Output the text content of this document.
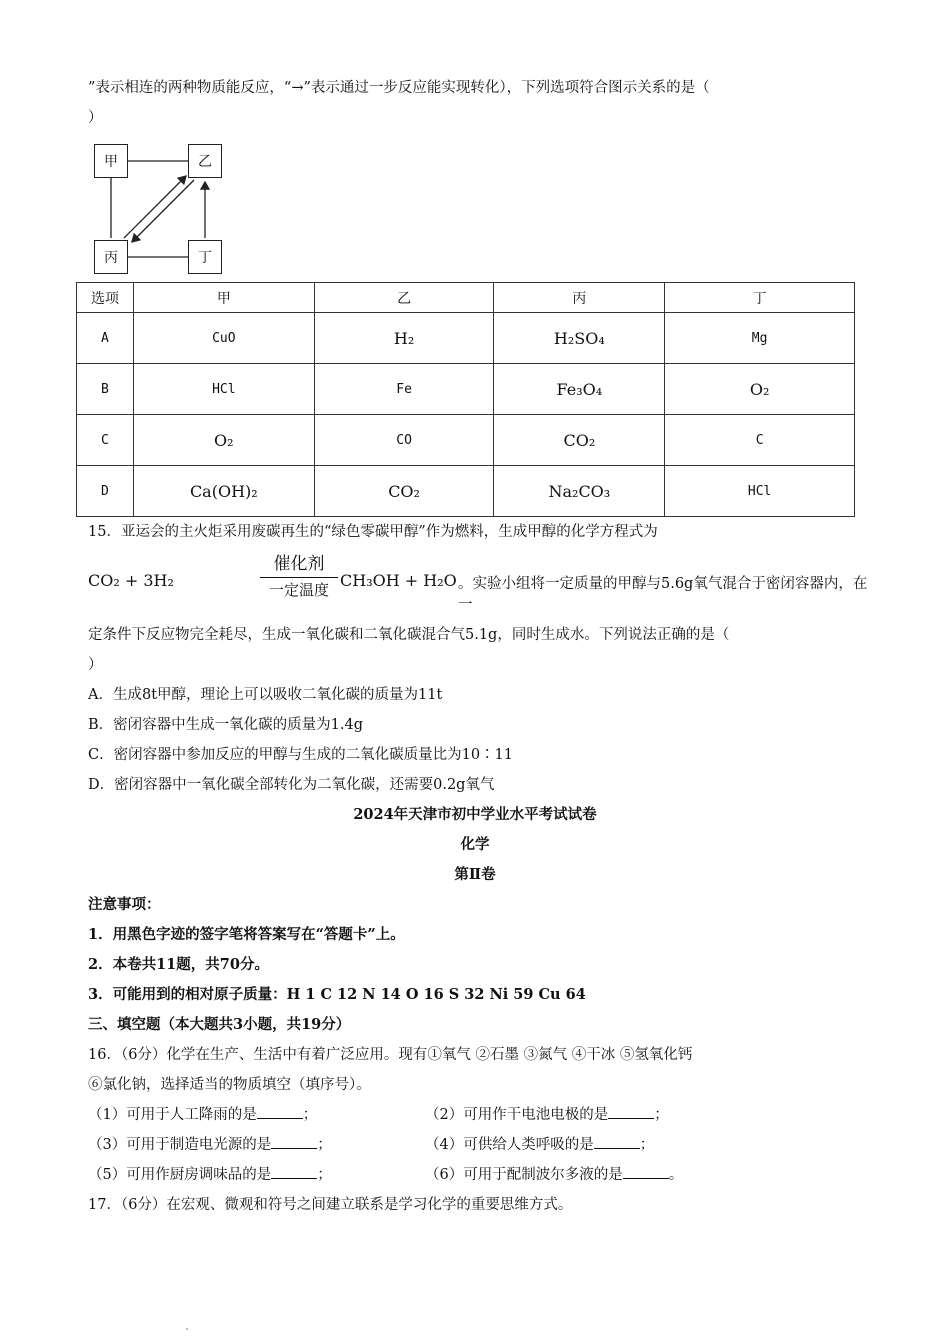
”表示相连的两种物质能反应，“→”表示通过一步反应能实现转化），下列选项符合图示关系的是（
）
甲	乙
丙	丁
选项	甲	乙	丙	丁
A	CuO	H₂	H₂SO₄	Mg
B	HCl	Fe	Fe₃O₄	O₂
C	O₂	CO	CO₂	C
D	Ca(OH)₂	CO₂	Na₂CO₃	HCl
15．亚运会的主火炬采用废碳再生的“绿色零碳甲醇”作为燃料，生成甲醇的化学方程式为
CO₂ + 3H₂
催化剂
一定温度 CH₃OH + H₂O 。实验小组将一定质量的甲醇与5.6g氧气混合于密闭容器内，在一
定条件下反应物完全耗尽，生成一氧化碳和二氧化碳混合气5.1g，同时生成水。下列说法正确的是（
）
A．生成8t甲醇，理论上可以吸收二氧化碳的质量为11t
B．密闭容器中生成一氧化碳的质量为1.4g
C．密闭容器中参加反应的甲醇与生成的二氧化碳质量比为10∶11
D．密闭容器中一氧化碳全部转化为二氧化碳，还需要0.2g氧气
2024年天津市初中学业水平考试试卷
化学
第Ⅱ卷
注意事项：
1．用黑色字迹的签字笔将答案写在“答题卡”上。
2．本卷共11题，共70分。
3．可能用到的相对原子质量：H 1 C 12 N 14 O 16 S 32 Ni 59 Cu 64
三、填空题（本大题共3小题，共19分）
16．（6分）化学在生产、生活中有着广泛应用。现有①氧气 ②石墨 ③氮气 ④干冰 ⑤氢氧化钙
⑥氯化钠，选择适当的物质填空（填序号）。
（1）可用于人工降雨的是	；	（2）可用作干电池电极的是	；
（3）可用于制造电光源的是	；	（4）可供给人类呼吸的是	；
（5）可用作厨房调味品的是	；	（6）可用于配制波尔多液的是	。
17．（6分）在宏观、微观和符号之间建立联系是学习化学的重要思维方式。
